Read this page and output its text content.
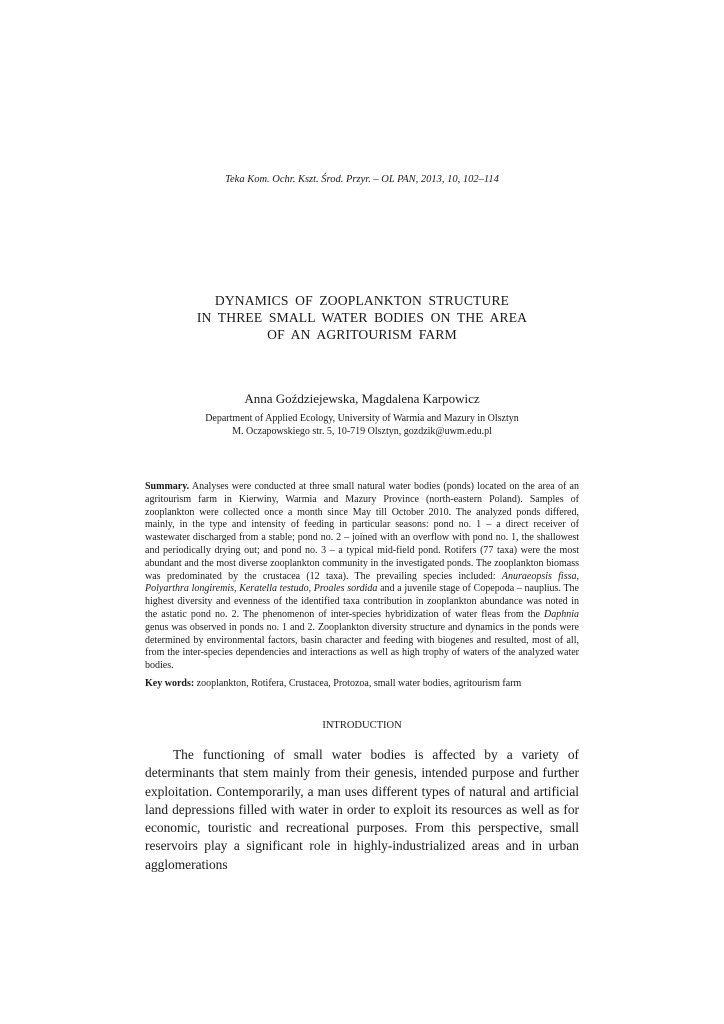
Teka Kom. Ochr. Kszt. Środ. Przyr. – OL PAN, 2013, 10, 102–114
DYNAMICS OF ZOOPLANKTON STRUCTURE
IN THREE SMALL WATER BODIES ON THE AREA
OF AN AGRITOURISM FARM
Anna Goździejewska, Magdalena Karpowicz
Department of Applied Ecology, University of Warmia and Mazury in Olsztyn
M. Oczapowskiego str. 5, 10-719 Olsztyn, gozdzik@uwm.edu.pl
Summary. Analyses were conducted at three small natural water bodies (ponds) located on the area of an agritourism farm in Kierwiny, Warmia and Mazury Province (north-eastern Poland). Samples of zooplankton were collected once a month since May till October 2010. The analyzed ponds differed, mainly, in the type and intensity of feeding in particular seasons: pond no. 1 – a direct receiver of wastewater discharged from a stable; pond no. 2 – joined with an overflow with pond no. 1, the shallowest and periodically drying out; and pond no. 3 – a typical mid-field pond. Rotifers (77 taxa) were the most abundant and the most diverse zooplankton community in the investigated ponds. The zooplankton biomass was predominated by the crustacea (12 taxa). The prevailing species included: Anuraeopsis fissa, Polyarthra longiremis, Keratella testudo, Proales sordida and a juvenile stage of Copepoda – nauplius. The highest diversity and evenness of the identified taxa contribution in zooplankton abundance was noted in the astatic pond no. 2. The phenomenon of inter-species hybridization of water fleas from the Daphnia genus was observed in ponds no. 1 and 2. Zooplankton diversity structure and dynamics in the ponds were determined by environmental factors, basin character and feeding with biogenes and resulted, most of all, from the inter-species dependencies and interactions as well as high trophy of waters of the analyzed water bodies.
Key words: zooplankton, Rotifera, Crustacea, Protozoa, small water bodies, agritourism farm
INTRODUCTION
The functioning of small water bodies is affected by a variety of determinants that stem mainly from their genesis, intended purpose and further exploitation. Contemporarily, a man uses different types of natural and artificial land depressions filled with water in order to exploit its resources as well as for economic, touristic and recreational purposes. From this perspective, small reservoirs play a significant role in highly-industrialized areas and in urban agglomerations
